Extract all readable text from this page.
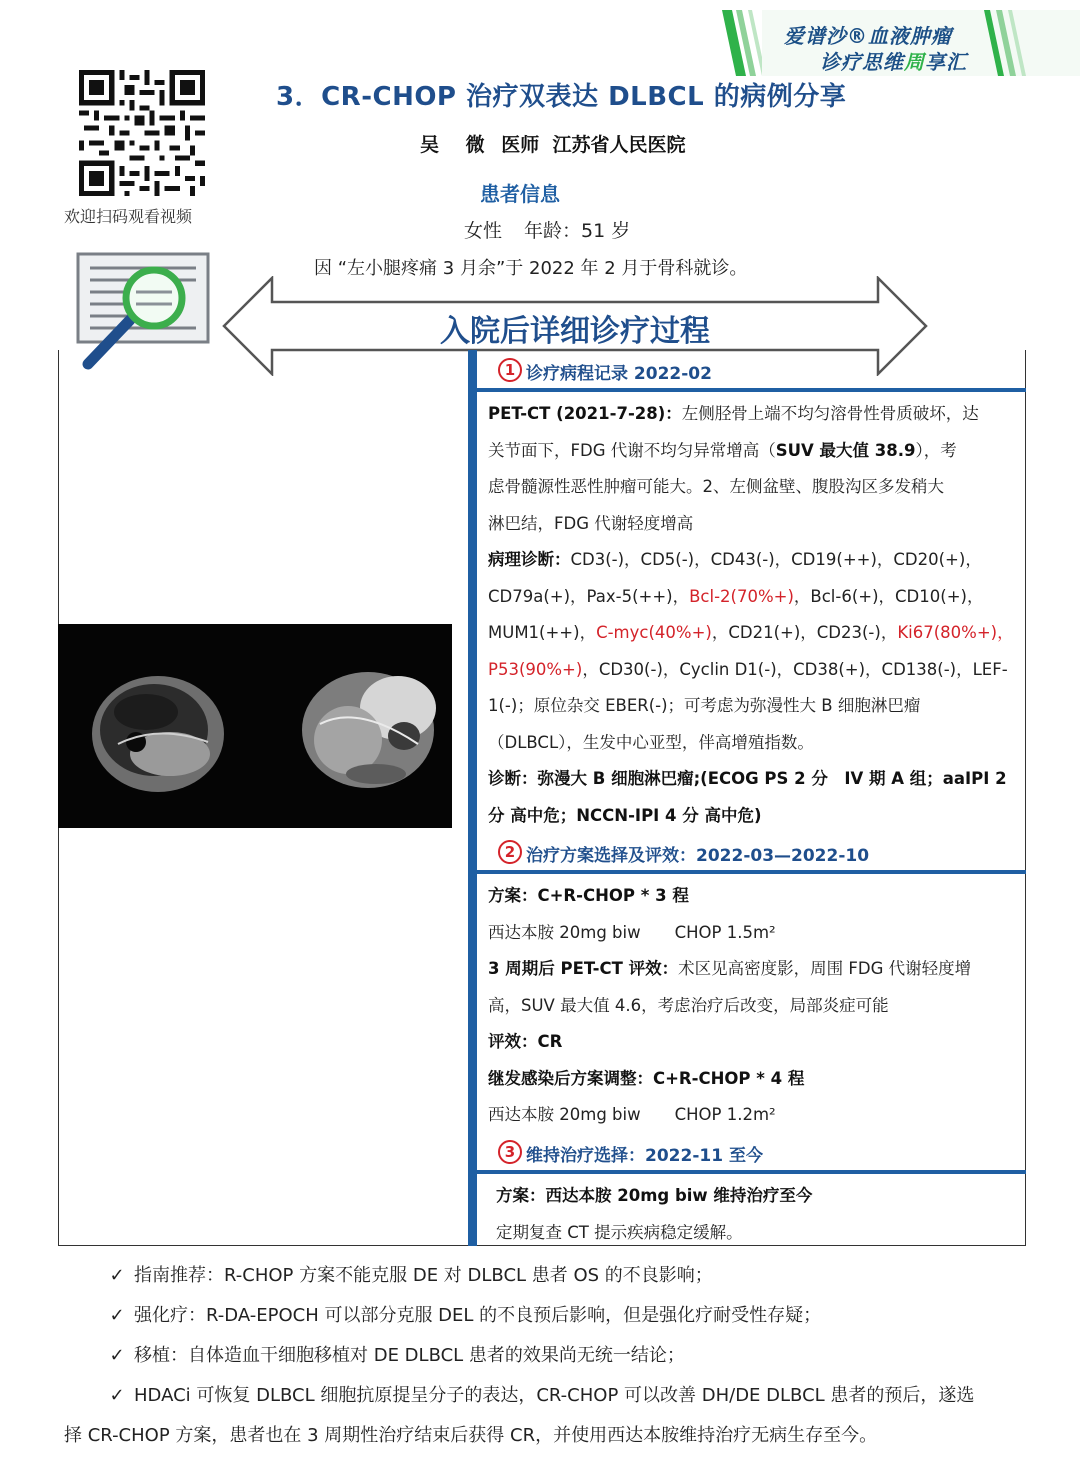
爱谱沙®血液肿瘤
诊疗思维周享汇
欢迎扫码观看视频
3．CR-CHOP 治疗双表达 DLBCL 的病例分享
吴 微 医师 江苏省人民医院
患者信息
女性 年龄：51 岁
因 “左小腿疼痛 3 月余”于 2022 年 2 月于骨科就诊。
入院后详细诊疗过程
1 诊疗病程记录 2022-02
PET-CT (2021-7-28)：左侧胫骨上端不均匀溶骨性骨质破坏，达
关节面下，FDG 代谢不均匀异常增高（SUV 最大值 38.9），考
虑骨髓源性恶性肿瘤可能大。2、左侧盆壁、腹股沟区多发稍大
淋巴结，FDG 代谢轻度增高
病理诊断：CD3(-)，CD5(-)，CD43(-)，CD19(++)，CD20(+)，
CD79a(+)，Pax-5(++)，Bcl-2(70%+)，Bcl-6(+)，CD10(+)，
MUM1(++)，C-myc(40%+)，CD21(+)，CD23(-)，Ki67(80%+)，
P53(90%+)，CD30(-)，Cyclin D1(-)，CD38(+)，CD138(-)，LEF-
1(-)；原位杂交 EBER(-)；可考虑为弥漫性大 B 细胞淋巴瘤
（DLBCL），生发中心亚型，伴高增殖指数。
诊断：弥漫大 B 细胞淋巴瘤;(ECOG PS 2 分　IV 期 A 组；aaIPI 2
分 高中危；NCCN-IPI 4 分 高中危)
2 治疗方案选择及评效：2022-03—2022-10
方案：C+R-CHOP * 3 程
西达本胺 20mg biw CHOP 1.5m²
3 周期后 PET-CT 评效：术区见高密度影，周围 FDG 代谢轻度增
高，SUV 最大值 4.6，考虑治疗后改变，局部炎症可能
评效：CR
继发感染后方案调整：C+R-CHOP * 4 程
西达本胺 20mg biw CHOP 1.2m²
3 维持治疗选择：2022-11 至今
方案：西达本胺 20mg biw 维持治疗至今
定期复查 CT 提示疾病稳定缓解。
✓ 指南推荐：R-CHOP 方案不能克服 DE 对 DLBCL 患者 OS 的不良影响；
✓ 强化疗：R-DA-EPOCH 可以部分克服 DEL 的不良预后影响，但是强化疗耐受性存疑；
✓ 移植：自体造血干细胞移植对 DE DLBCL 患者的效果尚无统一结论；
✓ HDACi 可恢复 DLBCL 细胞抗原提呈分子的表达，CR-CHOP 可以改善 DH/DE DLBCL 患者的预后，遂选
择 CR-CHOP 方案，患者也在 3 周期性治疗结束后获得 CR，并使用西达本胺维持治疗无病生存至今。
